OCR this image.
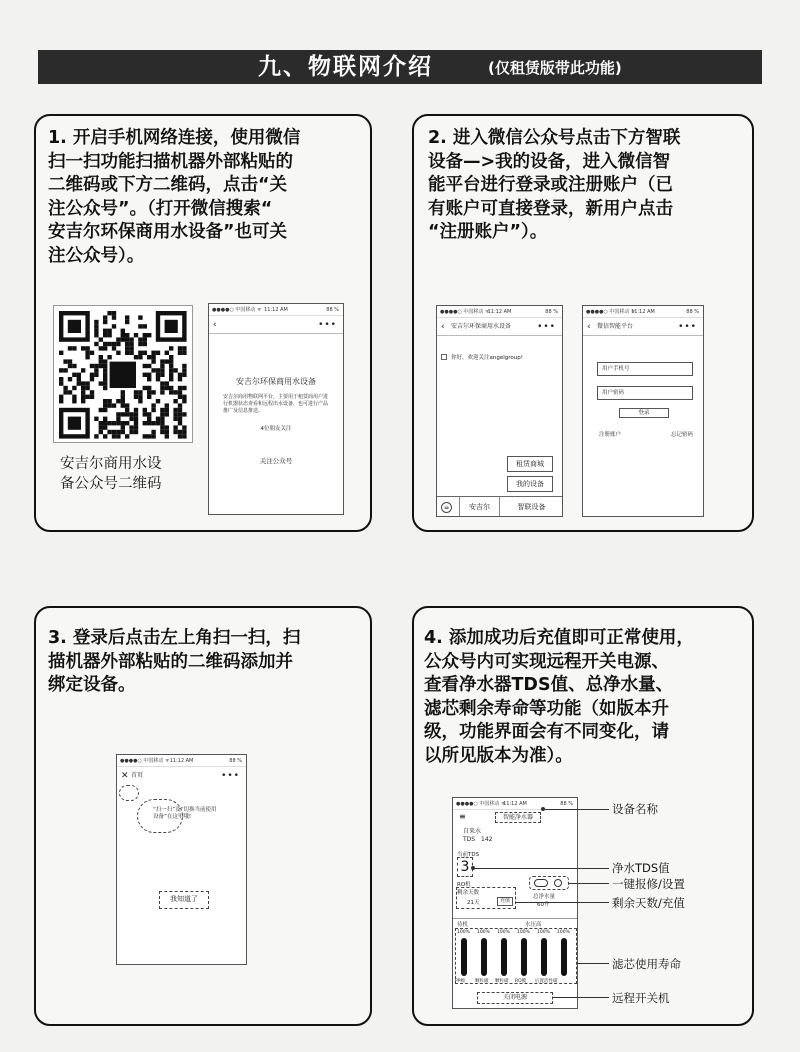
九、物联网介绍	(仅租赁版带此功能)
1. 开启手机网络连接，使用微信
扫一扫功能扫描机器外部粘贴的
二维码或下方二维码，点击“关
注公众号”。（打开微信搜索“
安吉尔环保商用水设备”也可关
注公众号）。
2. 进入微信公众号点击下方智联
设备—>我的设备，进入微信智
能平台进行登录或注册账户（已
有账户可直接登录，新用户点击
“注册账户”）。
3. 登录后点击左上角扫一扫，扫
描机器外部粘贴的二维码添加并
绑定设备。
4. 添加成功后充值即可正常使用，
公众号内可实现远程开关电源、
查看净水器TDS值、总净水量、
滤芯剩余寿命等功能（如版本升
级，功能界面会有不同变化，请
以所见版本为准）。
安吉尔商用水设
备公众号二维码
●●●●○ 中国移动 ᯤ 11:12 AM	88 %
‹	•••
安吉尔环保商用水设备
安吉尔商用物联网平台，主要用于租赁商用户进行机器状态查看和远程出水设备，也可进行产品推广及信息推送。
4位朋友关注
关注公众号
●●●●○ 中国移动 ᯤ
11:12 AM	88 %
‹ 安吉尔环保商用水设备	•••
你好，欢迎关注angelgroup!
租赁商城
我的设备
⌨	安吉尔	智联设备
●●●●○ 中国移动 ᯤ
11:12 AM	88 %
‹ 微信智能平台	•••
用户手机号
用户密码
登录
注册账户	忘记密码
●●●●○ 中国移动 ᯤ 11:12 AM	88 %
✕ 首页	•••
“扫一扫”及“切换当前使用设备”在这里哦!
我知道了
●●●●○ 中国移动 ᯤ
11:12 AM	88 %
≡	智能净水器
自来水
TDS 142
当前TDS
3
RO机
剩余天数
21天	充值
总净水量
60升
待机	水压高
100% 100% 100% 100% 100% 100%
PP棉 颗粒碳 颗粒碳 RO膜 后置活性碳
关闭电源
设备名称
净水TDS值
一键报修/设置
剩余天数/充值
滤芯使用寿命
远程开关机
